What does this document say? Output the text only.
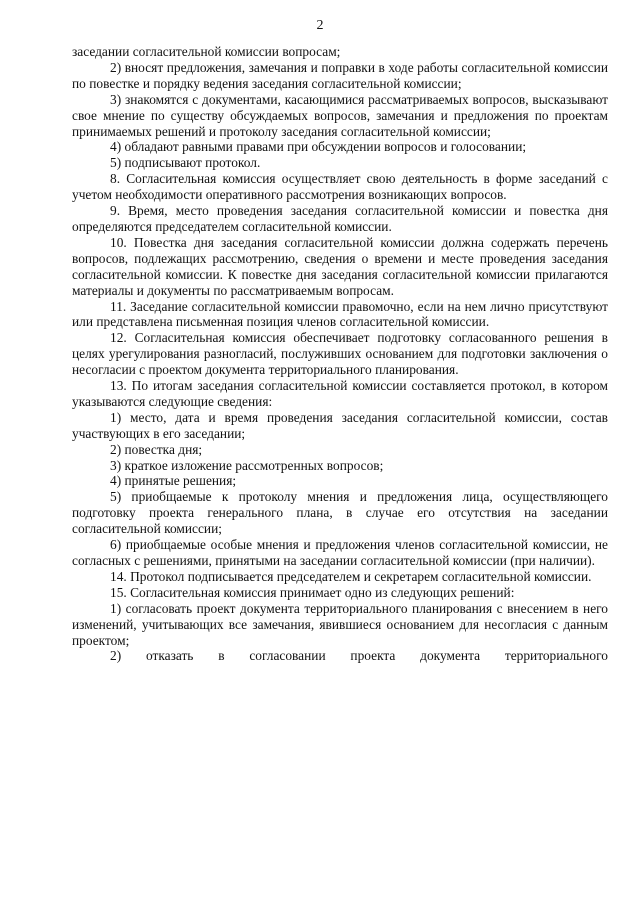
2

заседании согласительной комиссии вопросам;

2) вносят предложения, замечания и поправки в ходе работы согласительной комиссии по повестке и порядку ведения заседания согласительной комиссии;

3) знакомятся с документами, касающимися рассматриваемых вопросов, высказывают свое мнение по существу обсуждаемых вопросов, замечания и предложения по проектам принимаемых решений и протоколу заседания согласительной комиссии;

4) обладают равными правами при обсуждении вопросов и голосовании;

5) подписывают протокол.

8. Согласительная комиссия осуществляет свою деятельность в форме заседаний с учетом необходимости оперативного рассмотрения возникающих вопросов.

9. Время, место проведения заседания согласительной комиссии и повестка дня определяются председателем согласительной комиссии.

10. Повестка дня заседания согласительной комиссии должна содержать перечень вопросов, подлежащих рассмотрению, сведения о времени и месте проведения заседания согласительной комиссии. К повестке дня заседания согласительной комиссии прилагаются материалы и документы по рассматриваемым вопросам.

11. Заседание согласительной комиссии правомочно, если на нем лично присутствуют или представлена письменная позиция членов согласительной комиссии.

12. Согласительная комиссия обеспечивает подготовку согласованного решения в целях урегулирования разногласий, послуживших основанием для подготовки заключения о несогласии с проектом документа территориального планирования.

13. По итогам заседания согласительной комиссии составляется протокол, в котором указываются следующие сведения:

1) место, дата и время проведения заседания согласительной комиссии, состав участвующих в его заседании;

2) повестка дня;

3) краткое изложение рассмотренных вопросов;

4) принятые решения;

5) приобщаемые к протоколу мнения и предложения лица, осуществляющего подготовку проекта генерального плана, в случае его отсутствия на заседании согласительной комиссии;

6) приобщаемые особые мнения и предложения членов согласительной комиссии, не согласных с решениями, принятыми на заседании согласительной комиссии (при наличии).

14. Протокол подписывается председателем и секретарем согласительной комиссии.

15. Согласительная комиссия принимает одно из следующих решений:

1) согласовать проект документа территориального планирования с внесением в него изменений, учитывающих все замечания, явившиеся основанием для несогласия с данным проектом;

2) отказать в согласовании проекта документа территориального
